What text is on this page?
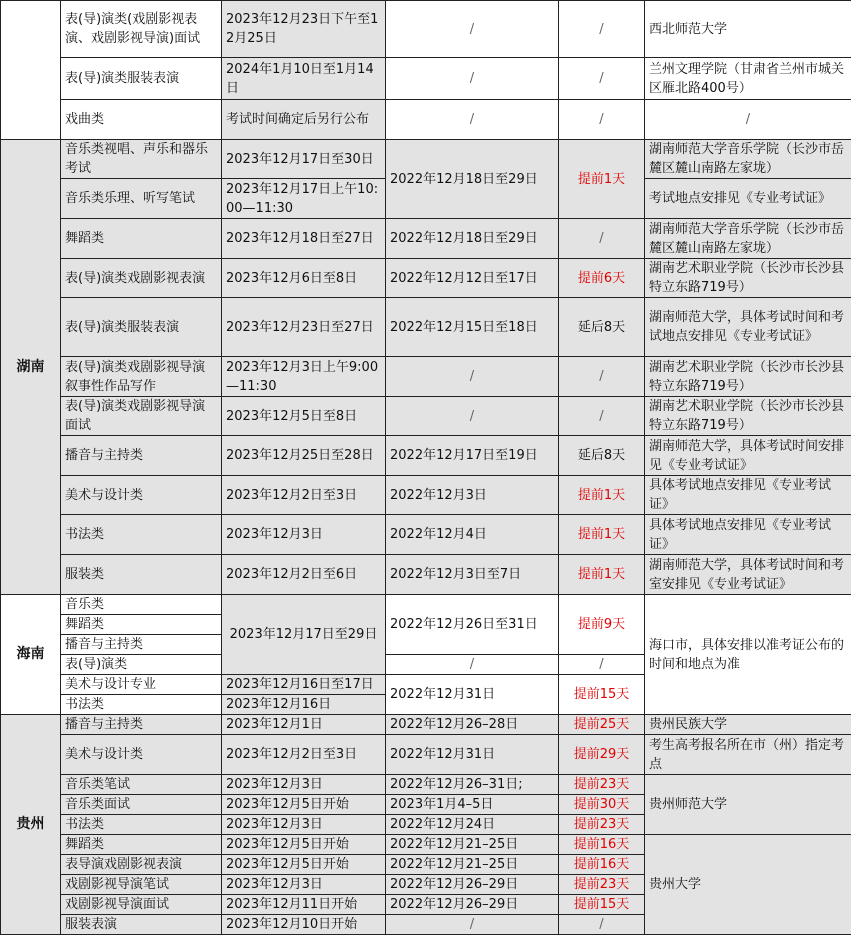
	表(导)演类(戏剧影视表演、戏剧影视导演)面试	2023年12月23日下午至12月25日	/	/	西北师范大学
	表(导)演类服装表演	2024年1月10日至1月14日	/	/	兰州文理学院（甘肃省兰州市城关区雁北路400号）
	戏曲类	考试时间确定后另行公布	/	/	/
湖南	音乐类视唱、声乐和器乐考试	2023年12月17日至30日	2022年12月18日至29日	提前1天	湖南师范大学音乐学院（长沙市岳麓区麓山南路左家垅）
	音乐类乐理、听写笔试	2023年12月17日上午10:00—11:30			考试地点安排见《专业考试证》
	舞蹈类	2023年12月18日至27日	2022年12月18日至29日	/	湖南师范大学音乐学院（长沙市岳麓区麓山南路左家垅）
	表(导)演类戏剧影视表演	2023年12月6日至8日	2022年12月12日至17日	提前6天	湖南艺术职业学院（长沙市长沙县特立东路719号）
	表(导)演类服装表演	2023年12月23日至27日	2022年12月15日至18日	延后8天	湖南师范大学，具体考试时间和考试地点安排见《专业考试证》
	表(导)演类戏剧影视导演叙事性作品写作	2023年12月3日上午9:00—11:30	/	/	湖南艺术职业学院（长沙市长沙县特立东路719号）
	表(导)演类戏剧影视导演面试	2023年12月5日至8日	/	/	湖南艺术职业学院（长沙市长沙县特立东路719号）
	播音与主持类	2023年12月25日至28日	2022年12月17日至19日	延后8天	湖南师范大学，具体考试时间安排见《专业考试证》
	美术与设计类	2023年12月2日至3日	2022年12月3日	提前1天	具体考试地点安排见《专业考试证》
	书法类	2023年12月3日	2022年12月4日	提前1天	具体考试地点安排见《专业考试证》
	服装类	2023年12月2日至6日	2022年12月3日至7日	提前1天	湖南师范大学，具体考试时间和考室安排见《专业考试证》

海南	音乐类	2023年12月17日至29日	2022年12月26日至31日	提前9天	海口市，具体安排以准考证公布的时间和地点为准
	舞蹈类				
	播音与主持类				
	表(导)演类		/	/	
	美术与设计专业	2023年12月16日至17日	2022年12月31日	提前15天	
	书法类	2023年12月16日			
贵州	播音与主持类	2023年12月1日	2022年12月26–28日	提前25天	贵州民族大学
	美术与设计类	2023年12月2日至3日	2022年12月31日	提前29天	考生高考报名所在市（州）指定考点
	音乐类笔试	2023年12月3日	2022年12月26–31日;	提前23天	贵州师范大学
	音乐类面试	2023年12月5日开始	2023年1月4–5日	提前30天	
	书法类	2023年12月3日	2022年12月24日	提前23天	
	舞蹈类	2023年12月5日开始	2022年12月21–25日	提前16天	贵州大学
	表导演戏剧影视表演	2023年12月5日开始	2022年12月21–25日	提前16天	
	戏剧影视导演笔试	2023年12月3日	2022年12月26–29日	提前23天	
	戏剧影视导演面试	2023年12月11日开始	2022年12月26–29日	提前15天	
	服装表演	2023年12月10日开始	/	/	
